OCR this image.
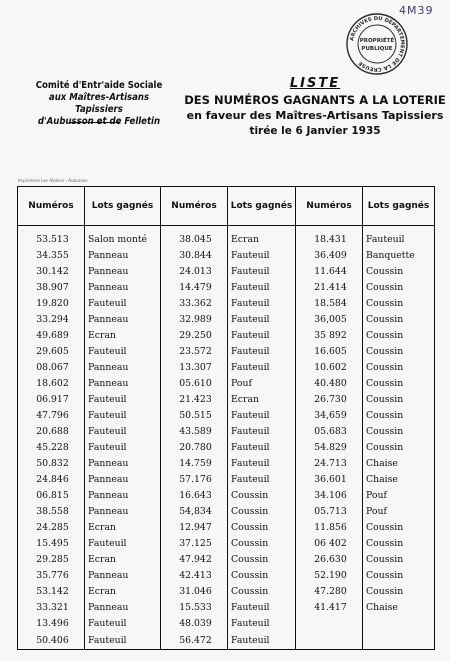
4M39
ARCHIVES DU DÉPARTEMENT DE LA CREUSE
PROPRIÉTÉ
PUBLIQUE
Comité d'Entr'aide Sociale
aux Maîtres-Artisans Tapissiers
d'Aubusson et de Felletin
LISTE
DES NUMÉROS GAGNANTS A LA LOTERIE
en faveur des Maîtres-Artisans Tapissiers
tirée le 6 Janvier 1935
Imprimerie Les Ateliers - Aubusson
Numéros	Lots gagnés	Numéros	Lots gagnés	Numéros	Lots gagnés
53.513	Salon monté	38.045	Ecran	18.431	Fauteuil
34.355	Panneau	30.844	Fauteuil	36.409	Banquette
30.142	Panneau	24.013	Fauteuil	11.644	Coussin
38.907	Panneau	14.479	Fauteuil	21.414	Coussin
19.820	Fauteuil	33.362	Fauteuil	18.584	Coussin
33.294	Panneau	32.989	Fauteuil	36,005	Coussin
49.689	Ecran	29.250	Fauteuil	35 892	Coussin
29.605	Fauteuil	23.572	Fauteuil	16.605	Coussin
08.067	Panneau	13.307	Fauteuil	10.602	Coussin
18.602	Panneau	05.610	Pouf	40.480	Coussin
06.917	Fauteuil	21.423	Ecran	26.730	Coussin
47.796	Fauteuil	50.515	Fauteuil	34,659	Coussin
20.688	Fauteuil	43.589	Fauteuil	05.683	Coussin
45.228	Fauteuil	20.780	Fauteuil	54.829	Coussin
50.832	Panneau	14.759	Fauteuil	24.713	Chaise
24.846	Panneau	57.176	Fauteuil	36.601	Chaise
06.815	Panneau	16.643	Coussin	34.106	Pouf
38.558	Panneau	54,834	Coussin	05.713	Pouf
24.285	Ecran	12.947	Coussin	11.856	Coussin
15.495	Fauteuil	37.125	Coussin	06 402	Coussin
29.285	Ecran	47.942	Coussin	26.630	Coussin
35.776	Panneau	42.413	Coussin	52.190	Coussin
53.142	Ecran	31.046	Coussin	47.280	Coussin
33.321	Panneau	15.533	Fauteuil	41.417	Chaise
13.496	Fauteuil	48.039	Fauteuil		
50.406	Fauteuil	56.472	Fauteuil		
